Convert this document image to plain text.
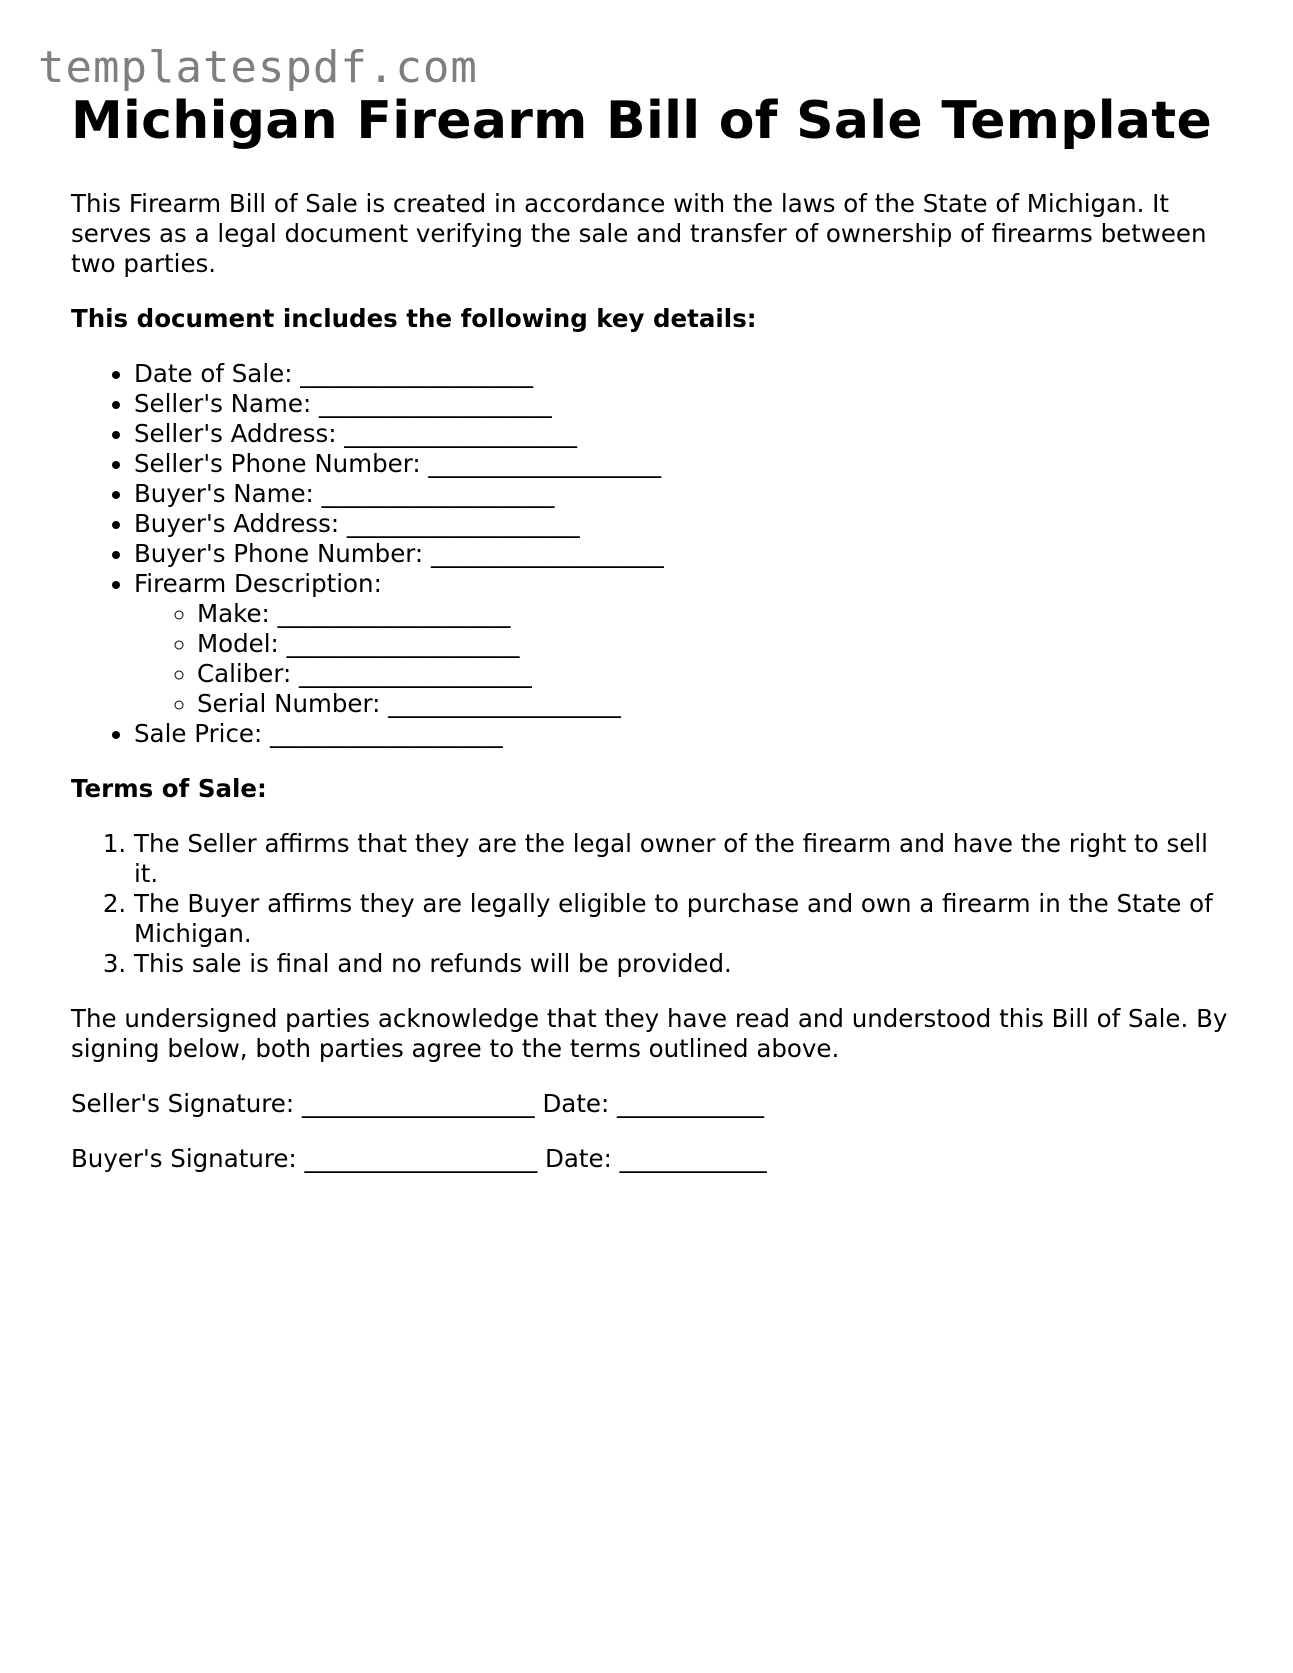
templatespdf.com
Michigan Firearm Bill of Sale Template

This Firearm Bill of Sale is created in accordance with the laws of the State of Michigan. It serves as a legal document verifying the sale and transfer of ownership of firearms between two parties.

This document includes the following key details:

• Date of Sale: ___________________
• Seller's Name: ___________________
• Seller's Address: ___________________
• Seller's Phone Number: ___________________
• Buyer's Name: ___________________
• Buyer's Address: ___________________
• Buyer's Phone Number: ___________________
• Firearm Description:
◦ Make: ___________________
◦ Model: ___________________
◦ Caliber: ___________________
◦ Serial Number: ___________________
• Sale Price: ___________________

Terms of Sale:

1. The Seller affirms that they are the legal owner of the firearm and have the right to sell it.
2. The Buyer affirms they are legally eligible to purchase and own a firearm in the State of Michigan.
3. This sale is final and no refunds will be provided.

The undersigned parties acknowledge that they have read and understood this Bill of Sale. By signing below, both parties agree to the terms outlined above.

Seller's Signature: ___________________ Date: ____________

Buyer's Signature: ___________________ Date: ____________
